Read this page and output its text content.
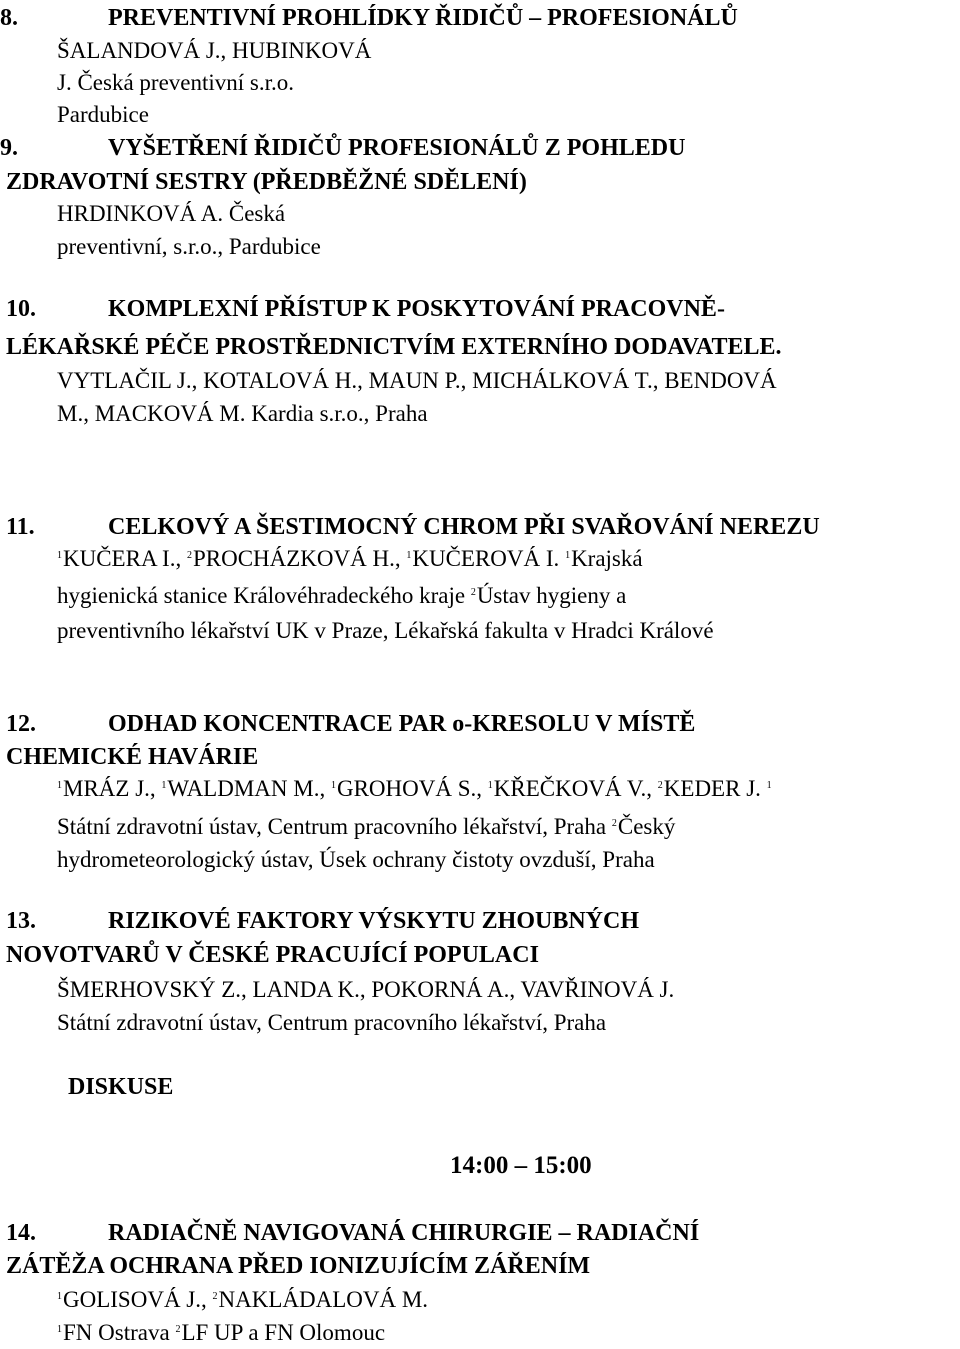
8.	PREVENTIVNÍ PROHLÍDKY ŘIDIČŮ – PROFESIONÁLŮ
ŠALANDOVÁ J., HUBINKOVÁ
J. Česká preventivní s.r.o.
Pardubice
9.	VYŠETŘENÍ ŘIDIČŮ PROFESIONÁLŮ Z POHLEDU
ZDRAVOTNÍ SESTRY (PŘEDBĚŽNÉ SDĚLENÍ)
HRDINKOVÁ A. Česká
preventivní, s.r.o., Pardubice
10.	KOMPLEXNÍ PŘÍSTUP K POSKYTOVÁNÍ PRACOVNĚ-
LÉKAŘSKÉ PÉČE PROSTŘEDNICTVÍM EXTERNÍHO DODAVATELE.
VYTLAČIL J., KOTALOVÁ H., MAUN P., MICHÁLKOVÁ T., BENDOVÁ
M., MACKOVÁ M. Kardia s.r.o., Praha
11.	CELKOVÝ A ŠESTIMOCNÝ CHROM PŘI SVAŘOVÁNÍ NEREZU
$^1$KUČERA I., $^2$PROCHÁZKOVÁ H., $^1$KUČEROVÁ I. $^1$Krajská
hygienická stanice Královéhradeckého kraje $^2$Ústav hygieny a
preventivního lékařství UK v Praze, Lékařská fakulta v Hradci Králové
12.	ODHAD KONCENTRACE PAR o-KRESOLU V MÍSTĚ
CHEMICKÉ HAVÁRIE
$^1$MRÁZ J., $^1$WALDMAN M., $^1$GROHOVÁ S., $^1$KŘEČKOVÁ V., $^2$KEDER J. $^1$
Státní zdravotní ústav, Centrum pracovního lékařství, Praha $^2$Český
hydrometeorologický ústav, Úsek ochrany čistoty ovzduší, Praha
13.	RIZIKOVÉ FAKTORY VÝSKYTU ZHOUBNÝCH
NOVOTVARŮ V ČESKÉ PRACUJÍCÍ POPULACI
ŠMERHOVSKÝ Z., LANDA K., POKORNÁ A., VAVŘINOVÁ J.
Státní zdravotní ústav, Centrum pracovního lékařství, Praha
DISKUSE
14:00 – 15:00
14.	RADIAČNĚ NAVIGOVANÁ CHIRURGIE – RADIAČNÍ
ZÁTĚŽA OCHRANA PŘED IONIZUJÍCÍM ZÁŘENÍM
$^1$GOLISOVÁ J., $^2$NAKLÁDALOVÁ M.
$^1$FN Ostrava $^2$LF UP a FN Olomouc
